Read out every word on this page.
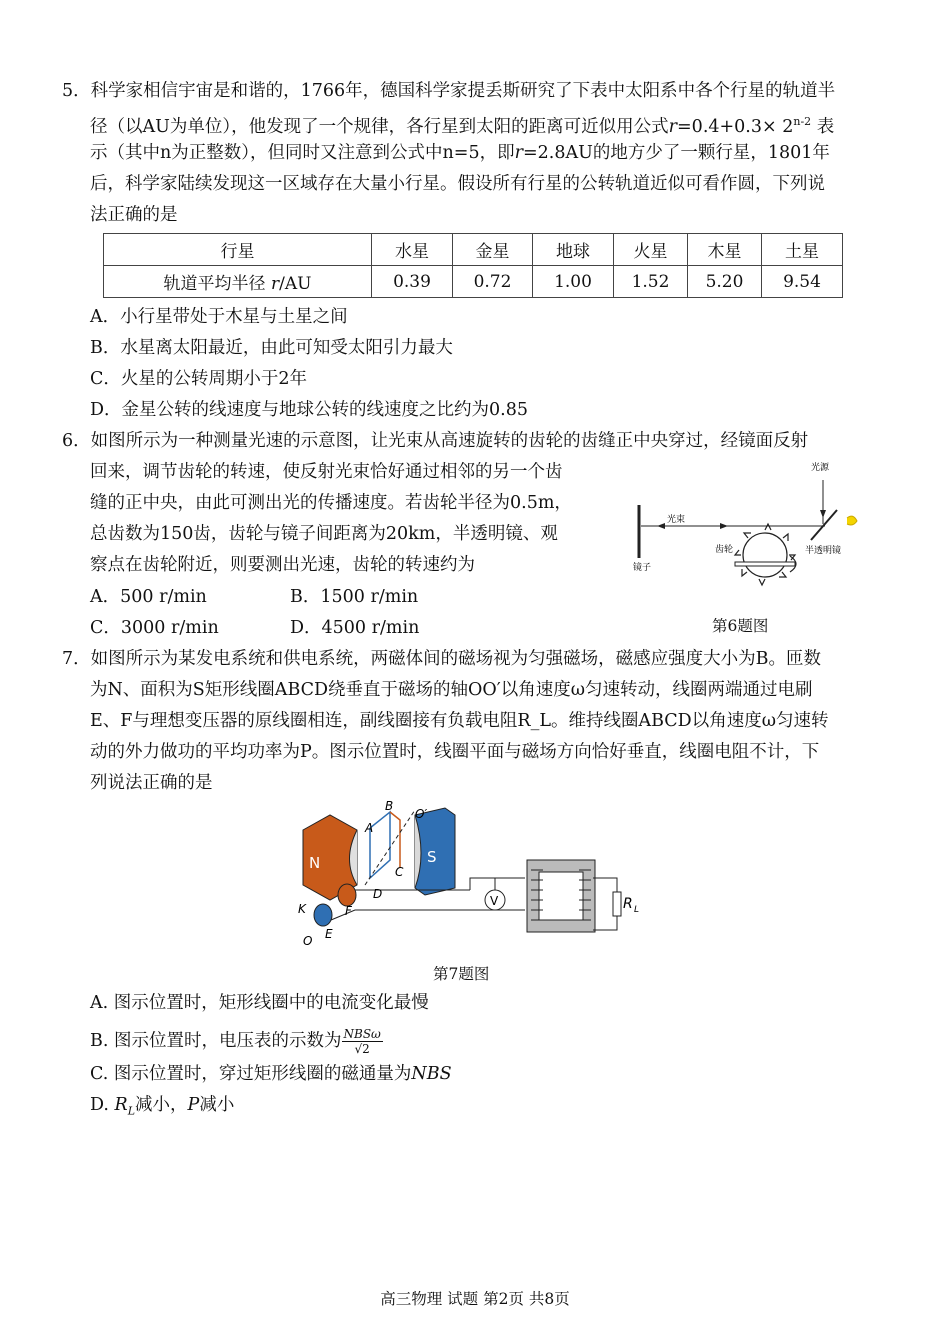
5．科学家相信宇宙是和谐的，1766年，德国科学家提丢斯研究了下表中太阳系中各个行星的轨道半
径（以AU为单位），他发现了一个规律，各行星到太阳的距离可近似用公式$r=0.4+0.3\times 2^{n-2}$ 表
示（其中n为正整数），但同时又注意到公式中n=5，即r=2.8AU的地方少了一颗行星，1801年
后，科学家陆续发现这一区域存在大量小行星。假设所有行星的公转轨道近似可看作圆，下列说
法正确的是
行星	水星	金星	地球	火星	木星	土星
轨道平均半径 r/AU	0.39	0.72	1.00	1.52	5.20	9.54
A．小行星带处于木星与土星之间
B．水星离太阳最近，由此可知受太阳引力最大
C．火星的公转周期小于2年
D．金星公转的线速度与地球公转的线速度之比约为0.85
6．如图所示为一种测量光速的示意图，让光束从高速旋转的齿轮的齿缝正中央穿过，经镜面反射
回来，调节齿轮的转速，使反射光束恰好通过相邻的另一个齿
缝的正中央，由此可测出光的传播速度。若齿轮半径为0.5m，
总齿数为150齿，齿轮与镜子间距离为20km，半透明镜、观
察点在齿轮附近，则要测出光速，齿轮的转速约为
A．500 r/min	B．1500 r/min
C．3000 r/min	D．4500 r/min
光源
光束
齿轮
镜子
半透明镜
第6题图
7．如图所示为某发电系统和供电系统，两磁体间的磁场视为匀强磁场，磁感应强度大小为B。匝数
为N、面积为S矩形线圈ABCD绕垂直于磁场的轴OO′以角速度ω匀速转动，线圈两端通过电刷
E、F与理想变压器的原线圈相连，副线圈接有负载电阻R_L。维持线圈ABCD以角速度ω匀速转
动的外力做功的平均功率为P。图示位置时，线圈平面与磁场方向恰好垂直，线圈电阻不计，下
列说法正确的是
N	S
V	R L
A
B
C
D
E
F
K
O
O′
第7题图
A. 图示位置时，矩形线圈中的电流变化最慢
B. 图示位置时，电压表的示数为 NBSω
√2
C. 图示位置时，穿过矩形线圈的磁通量为NBS
D. $R_L$减小，P减小
高三物理 试题 第2页 共8页
